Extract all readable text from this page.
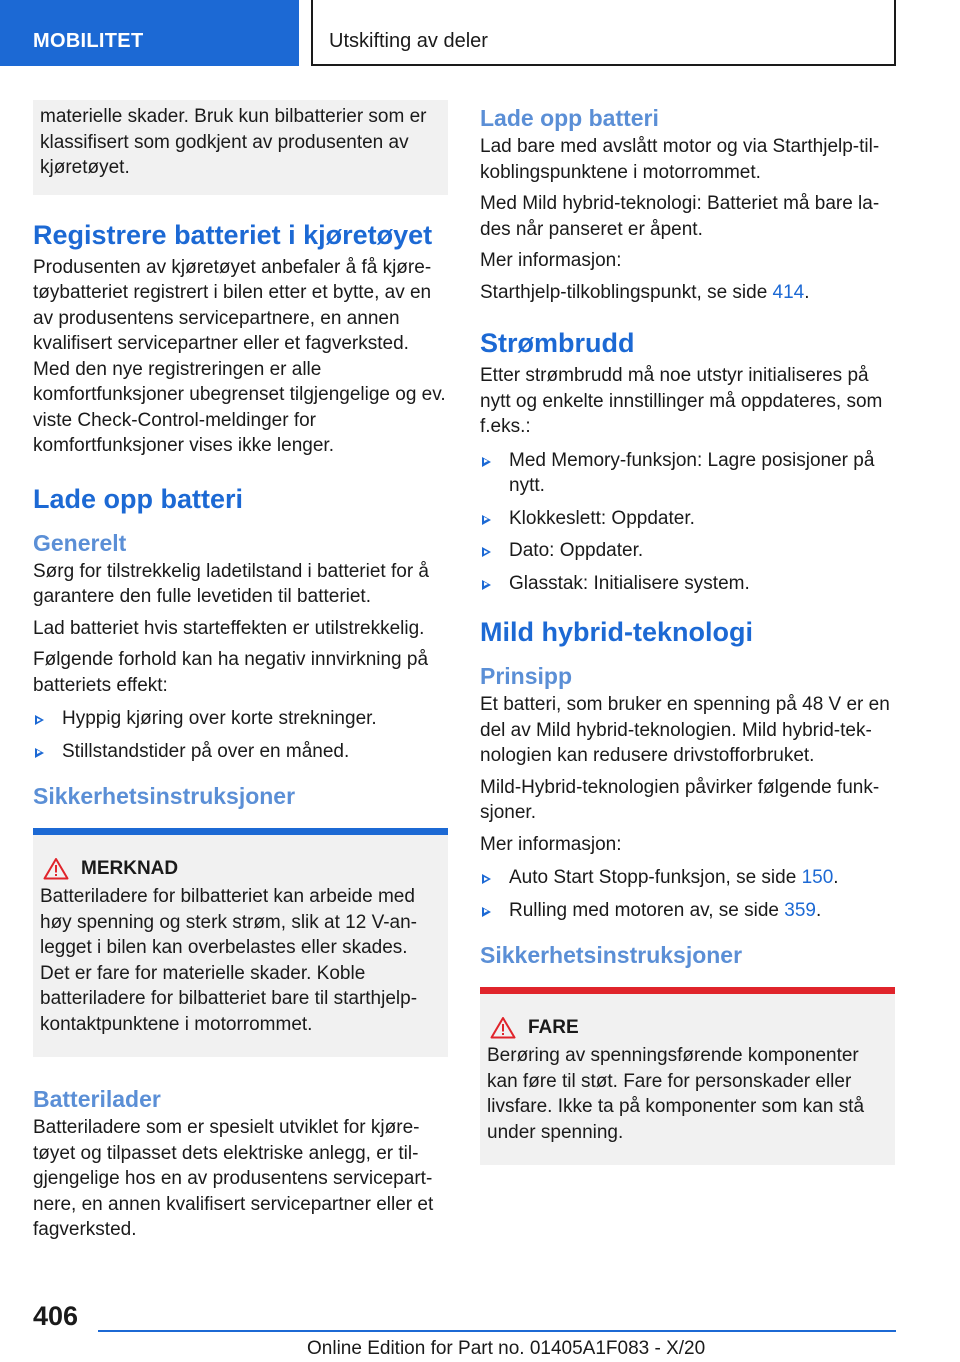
MOBILITET	Utskifting av deler

materielle skader. Bruk kun bilbatterier som er klassifisert som godkjent av produsenten av kjøretøyet.

Registrere batteriet i kjøretøyet

Produsenten av kjøretøyet anbefaler å få kjøretøybatteriet registrert i bilen etter et bytte, av en av produsentens servicepartnere, en annen kvalifisert servicepartner eller et fagverksted. Med den nye registreringen er alle komfortfunksjoner ubegrenset tilgjengelige og ev. viste Check-Control-meldinger for komfortfunksjoner vises ikke lenger.

Lade opp batteri
Generelt

Sørg for tilstrekkelig ladetilstand i batteriet for å garantere den fulle levetiden til batteriet.

Lad batteriet hvis starteffekten er utilstrekkelig.

Følgende forhold kan ha negativ innvirkning på batteriets effekt:

Hyppig kjøring over korte strekninger.
Stillstandstider på over en måned.
Sikkerhetsinstruksjoner
MERKNAD

Batteriladere for bilbatteriet kan arbeide med høy spenning og sterk strøm, slik at 12 V-anlegget i bilen kan overbelastes eller skades. Det er fare for materielle skader. Koble batteriladere for bilbatteriet bare til starthjelp-kontaktpunktene i motorrommet.

Batterilader

Batteriladere som er spesielt utviklet for kjøretøyet og tilpasset dets elektriske anlegg, er tilgjengelige hos en av produsentens servicepartnere, en annen kvalifisert servicepartner eller et fagverksted.

Lade opp batteri

Lad bare med avslått motor og via Starthjelp-tilkoblingspunktene i motorrommet.

Med Mild hybrid-teknologi: Batteriet må bare lades når panseret er åpent.

Mer informasjon:

Starthjelp-tilkoblingspunkt, se side 414.

Strømbrudd

Etter strømbrudd må noe utstyr initialiseres på nytt og enkelte innstillinger må oppdateres, som f.eks.:

Med Memory-funksjon: Lagre posisjoner på nytt.
Klokkeslett: Oppdater.
Dato: Oppdater.
Glasstak: Initialisere system.
Mild hybrid-teknologi
Prinsipp

Et batteri, som bruker en spenning på 48 V er en del av Mild hybrid-teknologien. Mild hybrid-teknologien kan redusere drivstofforbruket.

Mild-Hybrid-teknologien påvirker følgende funksjoner.

Mer informasjon:

Auto Start Stopp-funksjon, se side 150.
Rulling med motoren av, se side 359.
Sikkerhetsinstruksjoner
FARE

Berøring av spenningsførende komponenter kan føre til støt. Fare for personskader eller livsfare. Ikke ta på komponenter som kan stå under spenning.

406
Online Edition for Part no. 01405A1F083 - X/20
